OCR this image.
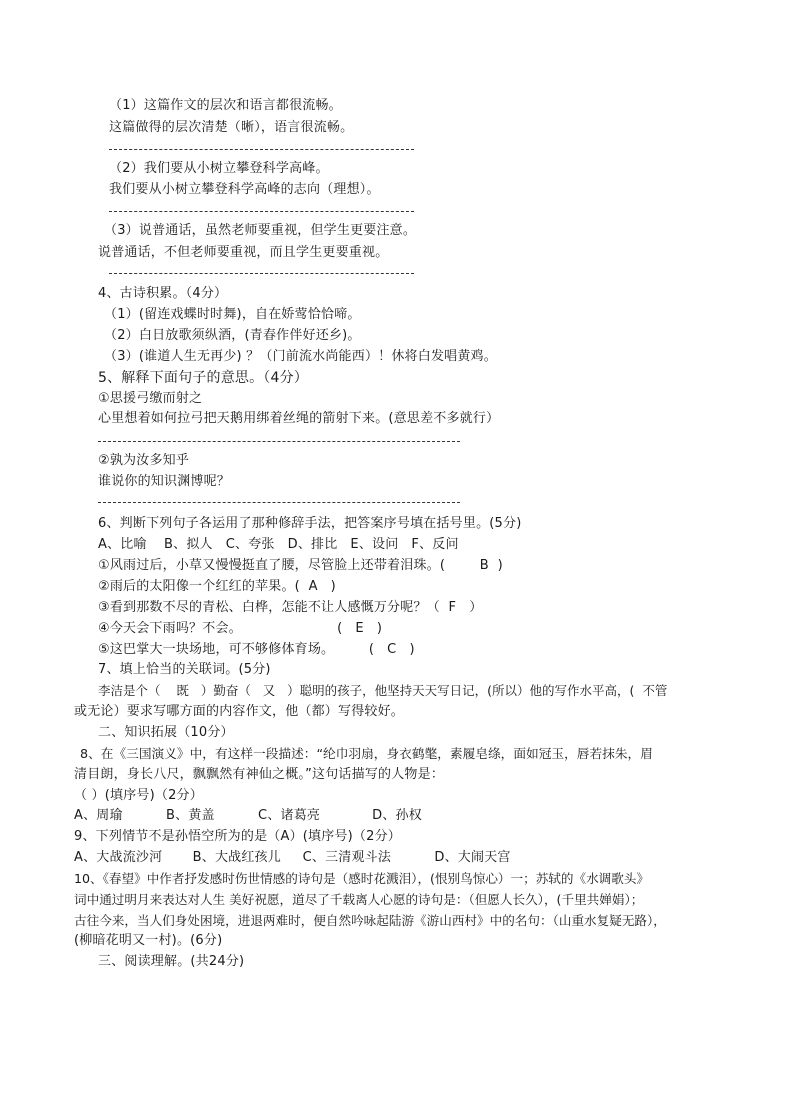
（1）这篇作文的层次和语言都很流畅。
这篇做得的层次清楚（晰），语言很流畅。
（2）我们要从小树立攀登科学高峰。
我们要从小树立攀登科学高峰的志向（理想）。
（3）说普通话，虽然老师要重视，但学生更要注意。
说普通话，不但老师要重视，而且学生更要重视。
4、古诗积累。（4分）
（1）(留连戏蝶时时舞)，自在娇莺恰恰啼。
（2）白日放歌须纵酒，(青春作伴好还乡)。
（3）(谁道人生无再少) ？（门前流水尚能西）！休将白发唱黄鸡。
5、解释下面句子的意思。（4分）
①思援弓缴而射之
心里想着如何拉弓把天鹅用绑着丝绳的箭射下来。(意思差不多就行）
②孰为汝多知乎
谁说你的知识渊博呢？
6、判断下列句子各运用了那种修辞手法，把答案序号填在括号里。(5分)
A、比喻    B、拟人   C、夸张   D、排比   E、设问   F、反问
①风雨过后，小草又慢慢挺直了腰，尽管脸上还带着泪珠。(        B  )
②雨后的太阳像一个红红的苹果。(  A   )
③看到那数不尽的青松、白桦，怎能不让人感慨万分呢？（  F   ）
④今天会下雨吗？不会。                      (   E   )
⑤这巴掌大一块场地，可不够修体育场。        (   C   )
7、填上恰当的关联词。(5分)
李洁是个（    既   ）勤奋（   又   ）聪明的孩子，他坚持天天写日记，(所以）他的写作水平高，(  不管
或无论）要求写哪方面的内容作文，他（都）写得较好。
二、知识拓展（10分）
8、在《三国演义》中，有这样一段描述：“纶巾羽扇，身衣鹤氅，素履皂绦，面如冠玉，唇若抹朱，眉
清目朗，身长八尺，飘飘然有神仙之概。”这句话描写的人物是：
（ ）(填序号)（2分）
A、周瑜          B、黄盖          C、诸葛亮            D、孙权
9、下列情节不是孙悟空所为的是（A）(填序号)（2分）
A、大战流沙河       B、大战红孩儿     C、三清观斗法          D、大闹天宫
10、《春望》中作者抒发感时伤世情感的诗句是（感时花溅泪），(恨别鸟惊心）一；苏轼的《水调歌头》
词中通过明月来表达对人生 美好祝愿，道尽了千载离人心愿的诗句是：（但愿人长久），(千里共婵娟）；
古往今来，当人们身处困境，进退两难时，便自然吟咏起陆游《游山西村》中的名句：（山重水复疑无路），
(柳暗花明又一村)。(6分)
三、阅读理解。(共24分)
